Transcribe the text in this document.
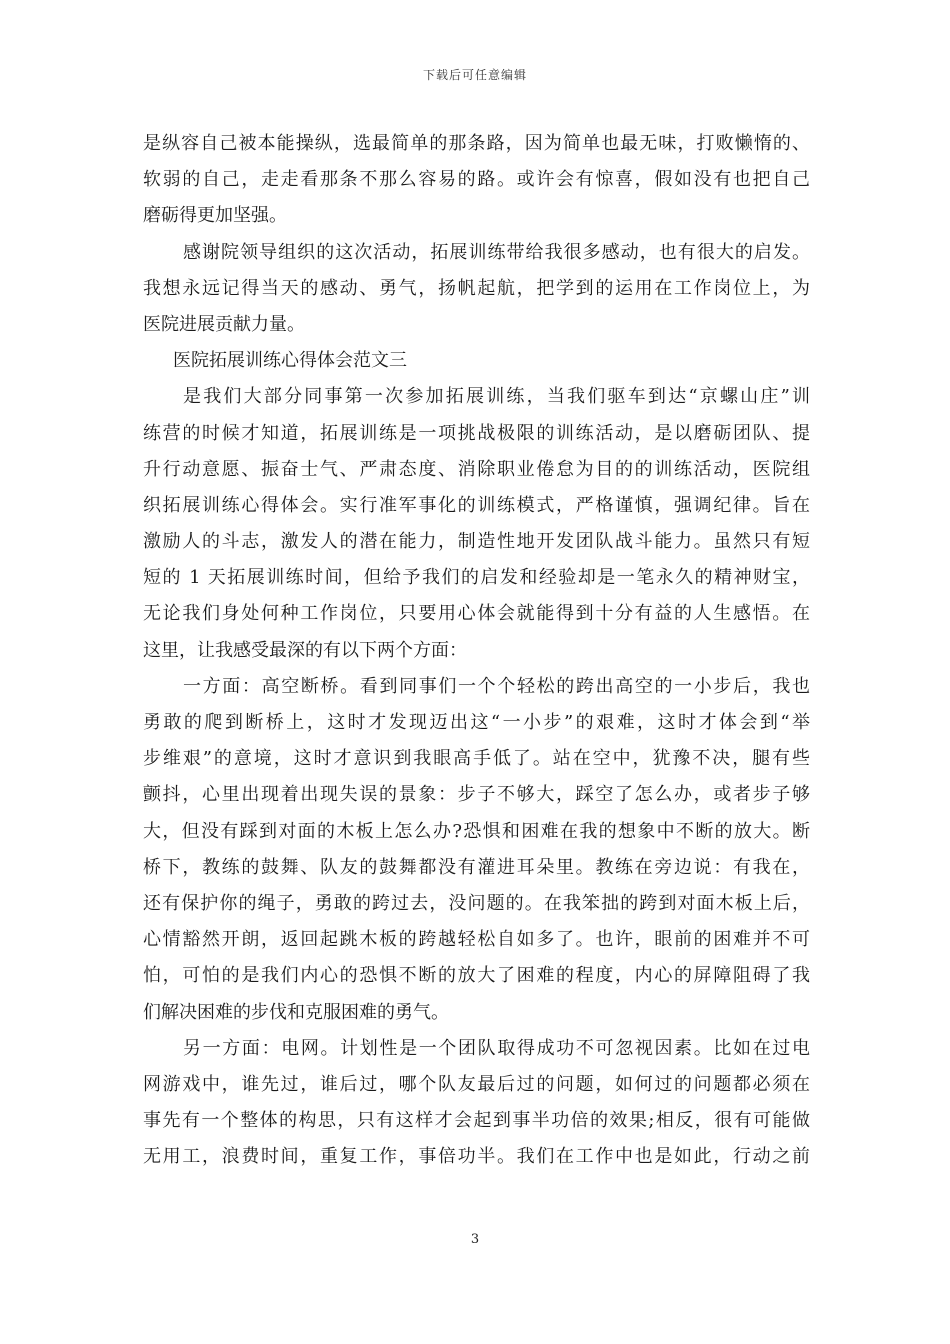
下载后可任意编辑
是纵容自己被本能操纵，选最简单的那条路，因为简单也最无味，打败懒惰的、
软弱的自己，走走看那条不那么容易的路。或许会有惊喜，假如没有也把自己
磨砺得更加坚强。
感谢院领导组织的这次活动，拓展训练带给我很多感动，也有很大的启发。
我想永远记得当天的感动、勇气，扬帆起航，把学到的运用在工作岗位上，为
医院进展贡献力量。
医院拓展训练心得体会范文三
是我们大部分同事第一次参加拓展训练，当我们驱车到达“京螺山庄”训
练营的时候才知道，拓展训练是一项挑战极限的训练活动，是以磨砺团队、提
升行动意愿、振奋士气、严肃态度、消除职业倦怠为目的的训练活动，医院组
织拓展训练心得体会。实行准军事化的训练模式，严格谨慎，强调纪律。旨在
激励人的斗志，激发人的潜在能力，制造性地开发团队战斗能力。虽然只有短
短的 1 天拓展训练时间，但给予我们的启发和经验却是一笔永久的精神财宝，
无论我们身处何种工作岗位，只要用心体会就能得到十分有益的人生感悟。在
这里，让我感受最深的有以下两个方面：
一方面：高空断桥。看到同事们一个个轻松的跨出高空的一小步后，我也
勇敢的爬到断桥上，这时才发现迈出这“一小步”的艰难，这时才体会到“举
步维艰”的意境，这时才意识到我眼高手低了。站在空中，犹豫不决，腿有些
颤抖，心里出现着出现失误的景象：步子不够大，踩空了怎么办，或者步子够
大，但没有踩到对面的木板上怎么办?恐惧和困难在我的想象中不断的放大。断
桥下，教练的鼓舞、队友的鼓舞都没有灌进耳朵里。教练在旁边说：有我在，
还有保护你的绳子，勇敢的跨过去，没问题的。在我笨拙的跨到对面木板上后，
心情豁然开朗，返回起跳木板的跨越轻松自如多了。也许，眼前的困难并不可
怕，可怕的是我们内心的恐惧不断的放大了困难的程度，内心的屏障阻碍了我
们解决困难的步伐和克服困难的勇气。
另一方面：电网。计划性是一个团队取得成功不可忽视因素。比如在过电
网游戏中，谁先过，谁后过，哪个队友最后过的问题，如何过的问题都必须在
事先有一个整体的构思，只有这样才会起到事半功倍的效果;相反，很有可能做
无用工，浪费时间，重复工作，事倍功半。我们在工作中也是如此，行动之前
3
